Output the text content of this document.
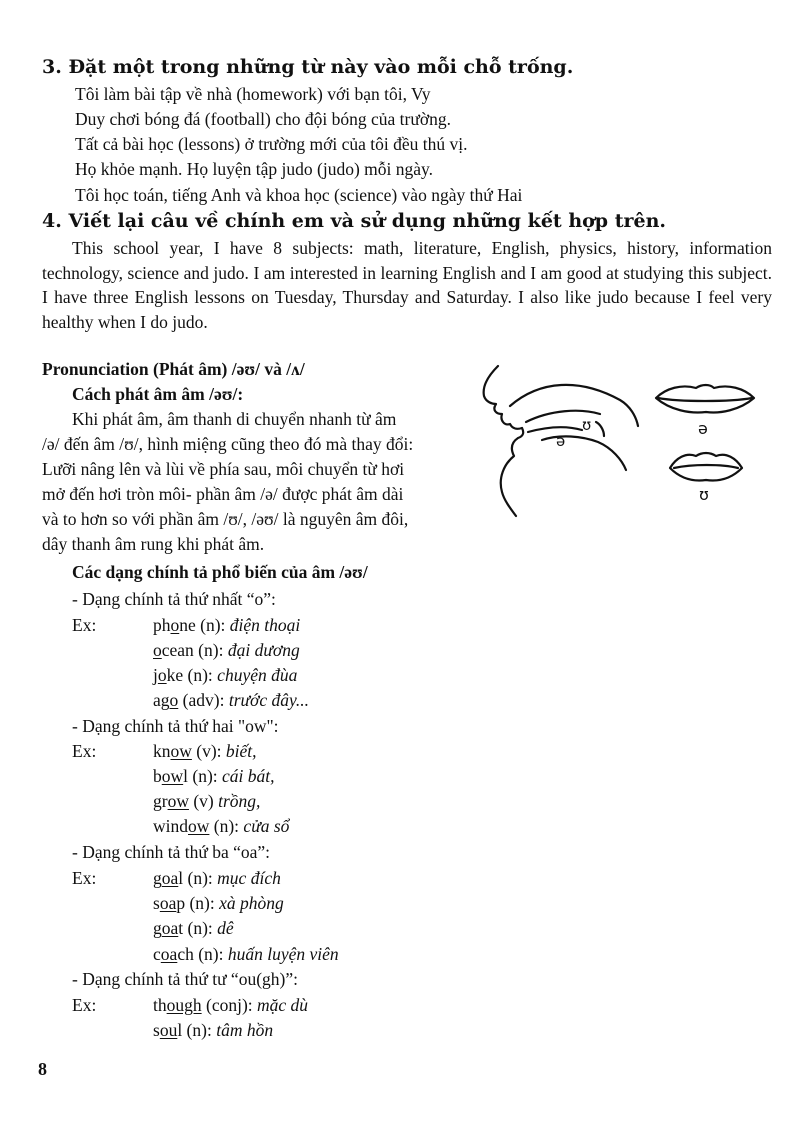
3. Đặt một trong những từ này vào mỗi chỗ trống.
Tôi làm bài tập về nhà (homework) với bạn tôi, Vy
Duy chơi bóng đá (football) cho đội bóng của trường.
Tất cả bài học (lessons) ở trường mới của tôi đều thú vị.
Họ khỏe mạnh. Họ luyện tập judo (judo) mỗi ngày.
Tôi học toán, tiếng Anh và khoa học (science) vào ngày thứ Hai
4. Viết lại câu về chính em và sử dụng những kết hợp trên.
This school year, I have 8 subjects: math, literature, English, physics, history, information technology, science and judo. I am interested in learning English and I am good at studying this subject. I have three English lessons on Tuesday, Thursday and Saturday. I also like judo because I feel very healthy when I do judo.
Pronunciation (Phát âm) /əʊ/ và /ʌ/
Cách phát âm âm /əʊ/:
Khi phát âm, âm thanh di chuyển nhanh từ âm
/ə/ đến âm /ʊ/, hình miệng cũng theo đó mà thay đổi:
Lưỡi nâng lên và lùi về phía sau, môi chuyển từ hơi
mở đến hơi tròn môi- phần âm /ə/ được phát âm dài
và to hơn so với phần âm /ʊ/, /əʊ/ là nguyên âm đôi,
dây thanh âm rung khi phát âm.
ʊ
ə
ə
ʊ
Các dạng chính tả phổ biến của âm /əʊ/
- Dạng chính tả thứ nhất “o”:
Ex:	phone (n): điện thoại
ocean (n): đại dương
joke (n): chuyện đùa
ago (adv): trước đây...
- Dạng chính tả thứ hai "ow":
Ex:	know (v): biết,
bowl (n): cái bát,
grow (v) trồng,
window (n): cửa sổ
- Dạng chính tả thứ ba “oa”:
Ex:	goal (n): mục đích
soap (n): xà phòng
goat (n): dê
coach (n): huấn luyện viên
- Dạng chính tả thứ tư “ou(gh)”:
Ex:	though (conj): mặc dù
soul (n): tâm hồn
8
